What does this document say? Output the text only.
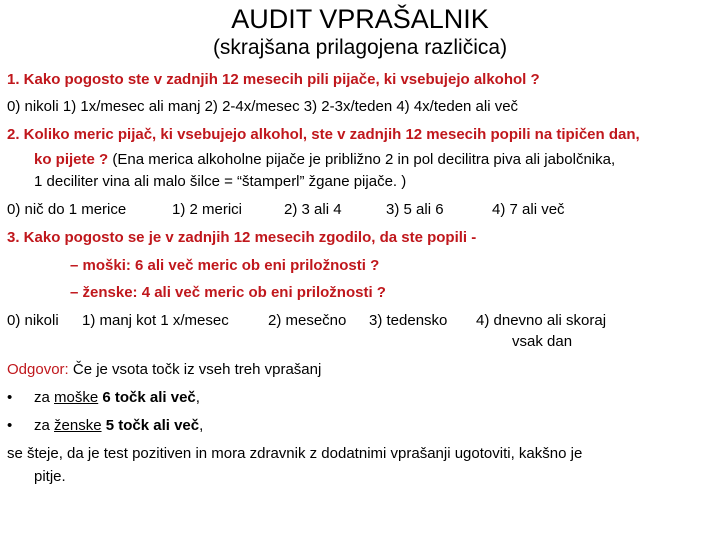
AUDIT VPRAŠALNIK
(skrajšana prilagojena različica)
1. Kako pogosto ste v zadnjih 12 mesecih pili pijače, ki vsebujejo alkohol ?
0) nikoli 1) 1x/mesec ali manj 2) 2-4x/mesec 3) 2-3x/teden 4) 4x/teden ali več
2. Koliko meric pijač, ki vsebujejo alkohol, ste v zadnjih 12 mesecih popili na tipičen dan,
ko pijete ? (Ena merica alkoholne pijače je približno 2 in pol decilitra piva ali jabolčnika,
1 deciliter vina ali malo šilce = “štamperl” žgane pijače. )
0) nič do 1 merice	1) 2 merici	2) 3 ali 4	3) 5 ali 6	4) 7 ali več
3. Kako pogosto se je v zadnjih 12 mesecih zgodilo, da ste popili -
– moški: 6 ali več meric ob eni priložnosti ?
– ženske: 4 ali več meric ob eni priložnosti ?
0) nikoli 1) manj kot 1 x/mesec	2) mesečno 3) tedensko 4) dnevno ali skoraj
vsak dan
Odgovor: Če je vsota točk iz vseh treh vprašanj
• za moške 6 točk ali več,
• za ženske 5 točk ali več,
se šteje, da je test pozitiven in mora zdravnik z dodatnimi vprašanji ugotoviti, kakšno je
pitje.
